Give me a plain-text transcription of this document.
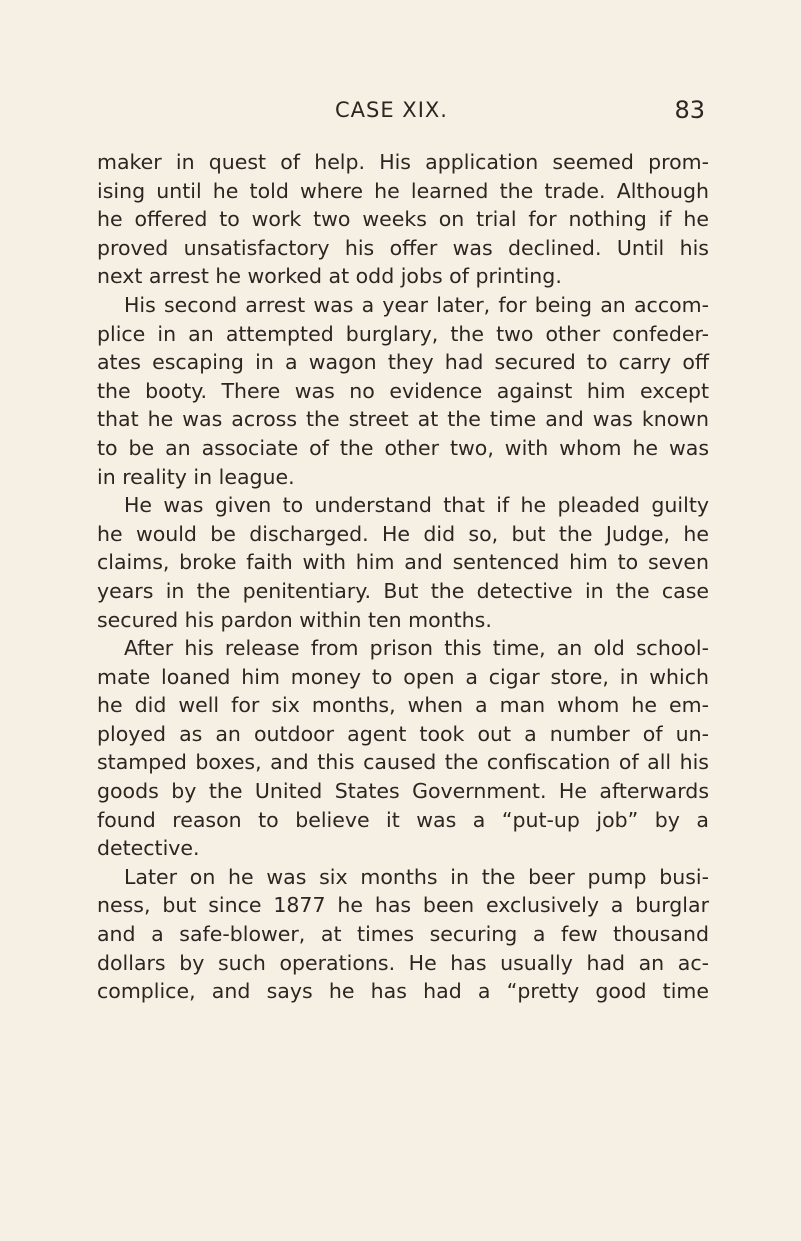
CASE XIX.	83
maker in quest of help. His application seemed prom-
ising until he told where he learned the trade. Although
he offered to work two weeks on trial for nothing if he
proved unsatisfactory his offer was declined. Until his
next arrest he worked at odd jobs of printing.
His second arrest was a year later, for being an accom-
plice in an attempted burglary, the two other confeder-
ates escaping in a wagon they had secured to carry off
the booty. There was no evidence against him except
that he was across the street at the time and was known
to be an associate of the other two, with whom he was
in reality in league.
He was given to understand that if he pleaded guilty
he would be discharged. He did so, but the Judge, he
claims, broke faith with him and sentenced him to seven
years in the penitentiary. But the detective in the case
secured his pardon within ten months.
After his release from prison this time, an old school-
mate loaned him money to open a cigar store, in which
he did well for six months, when a man whom he em-
ployed as an outdoor agent took out a number of un-
stamped boxes, and this caused the confiscation of all his
goods by the United States Government. He afterwards
found reason to believe it was a “put-up job” by a
detective.
Later on he was six months in the beer pump busi-
ness, but since 1877 he has been exclusively a burglar
and a safe-blower, at times securing a few thousand
dollars by such operations. He has usually had an ac-
complice, and says he has had a “pretty good time
